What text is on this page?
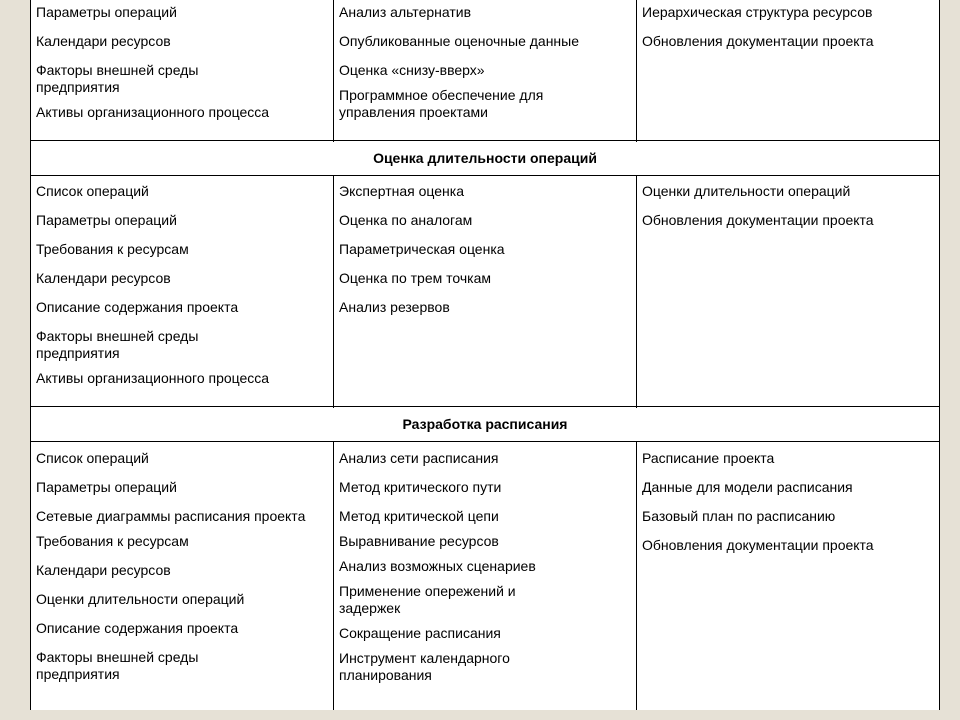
Параметры операций
Календари ресурсов
Факторы внешней среды предприятия
Активы организационного процесса
Анализ альтернатив
Опубликованные оценочные данные
Оценка «снизу-вверх»
Программное обеспечение для управления проектами
Иерархическая структура ресурсов
Обновления документации проекта
Оценка длительности операций
Список операций
Параметры операций
Требования к ресурсам
Календари ресурсов
Описание содержания проекта
Факторы внешней среды предприятия
Активы организационного процесса
Экспертная оценка
Оценка по аналогам
Параметрическая оценка
Оценка по трем точкам
Анализ резервов
Оценки длительности операций
Обновления документации проекта
Разработка расписания
Список операций
Параметры операций
Сетевые диаграммы расписания проекта
Требования к ресурсам
Календари ресурсов
Оценки длительности операций
Описание содержания проекта
Факторы внешней среды предприятия
Анализ сети расписания
Метод критического пути
Метод критической цепи
Выравнивание ресурсов
Анализ возможных сценариев
Применение опережений и задержек
Сокращение расписания
Инструмент календарного планирования
Расписание проекта
Данные для модели расписания
Базовый план по расписанию
Обновления документации проекта
